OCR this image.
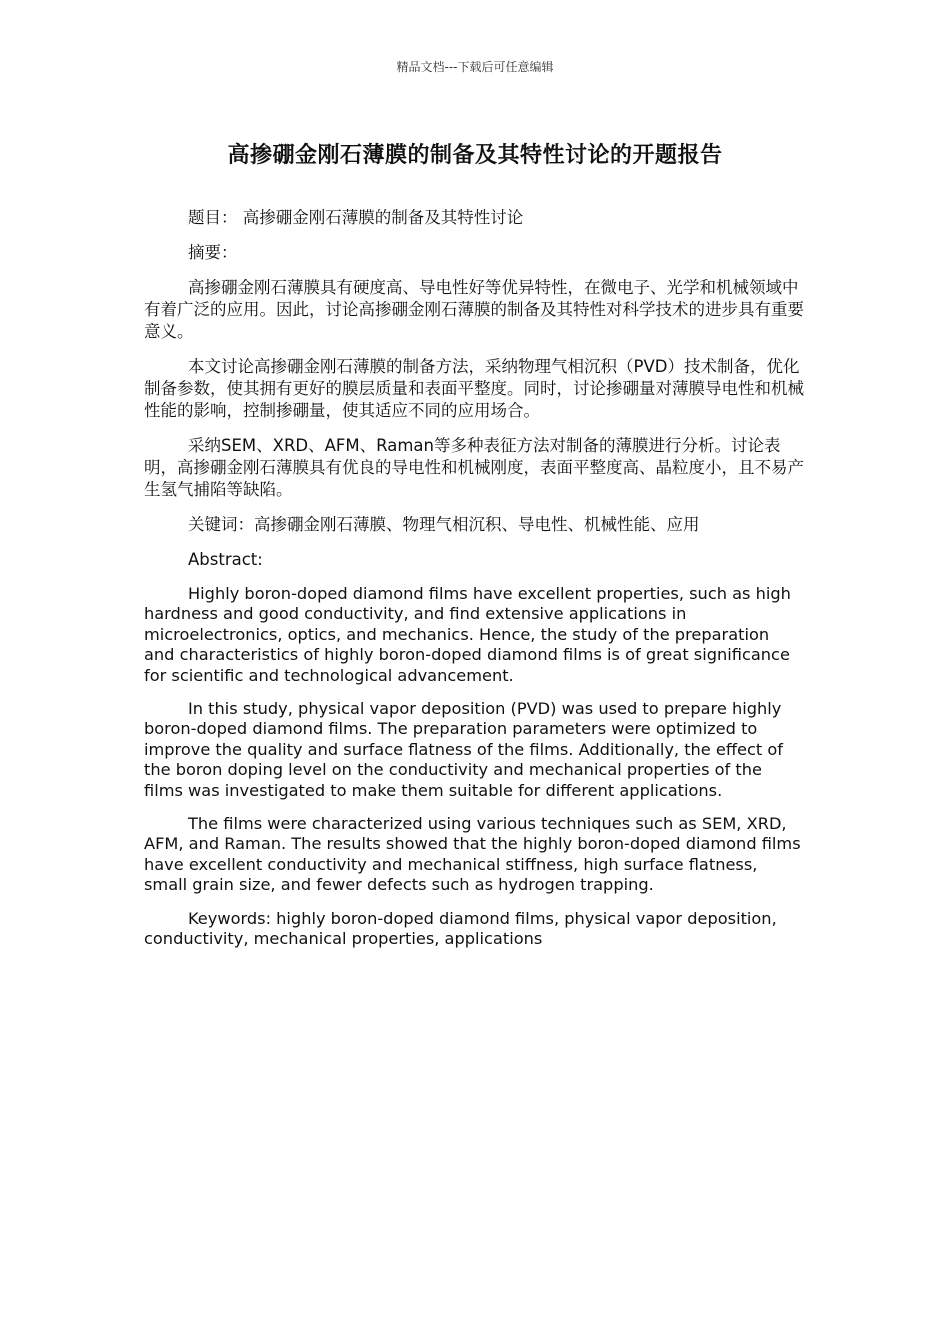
精品文档---下载后可任意编辑
高掺硼金刚石薄膜的制备及其特性讨论的开题报告

题目： 高掺硼金刚石薄膜的制备及其特性讨论

摘要：

高掺硼金刚石薄膜具有硬度高、导电性好等优异特性，在微电子、光学和机械领域中有着广泛的应用。因此，讨论高掺硼金刚石薄膜的制备及其特性对科学技术的进步具有重要意义。

本文讨论高掺硼金刚石薄膜的制备方法，采纳物理气相沉积（PVD）技术制备，优化制备参数，使其拥有更好的膜层质量和表面平整度。同时，讨论掺硼量对薄膜导电性和机械性能的影响，控制掺硼量，使其适应不同的应用场合。

采纳SEM、XRD、AFM、Raman等多种表征方法对制备的薄膜进行分析。讨论表明，高掺硼金刚石薄膜具有优良的导电性和机械刚度，表面平整度高、晶粒度小，且不易产生氢气捕陷等缺陷。

关键词：高掺硼金刚石薄膜、物理气相沉积、导电性、机械性能、应用

Abstract:

Highly boron-doped diamond films have excellent properties, such as high hardness and good conductivity, and find extensive applications in microelectronics, optics, and mechanics. Hence, the study of the preparation and characteristics of highly boron-doped diamond films is of great significance for scientific and technological advancement.

In this study, physical vapor deposition (PVD) was used to prepare highly boron-doped diamond films. The preparation parameters were optimized to improve the quality and surface flatness of the films. Additionally, the effect of the boron doping level on the conductivity and mechanical properties of the films was investigated to make them suitable for different applications.

The films were characterized using various techniques such as SEM, XRD, AFM, and Raman. The results showed that the highly boron-doped diamond films have excellent conductivity and mechanical stiffness, high surface flatness, small grain size, and fewer defects such as hydrogen trapping.

Keywords: highly boron-doped diamond films, physical vapor deposition, conductivity, mechanical properties, applications
